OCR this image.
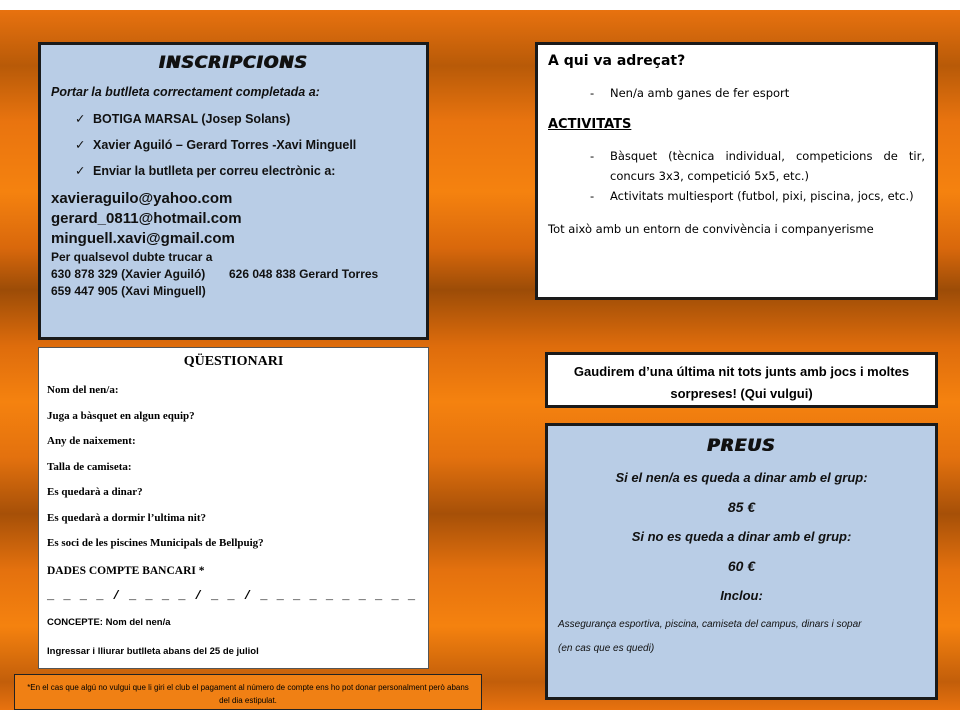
INSCRIPCIONS
Portar la butlleta correctament completada a:
✓ BOTIGA MARSAL (Josep Solans)
✓ Xavier Aguiló – Gerard Torres -Xavi Minguell
✓ Enviar la butlleta per correu electrònic a:
xavieraguilo@yahoo.com
gerard_0811@hotmail.com
minguell.xavi@gmail.com
Per qualsevol dubte trucar a
630 878 329 (Xavier Aguiló) 626 048 838 Gerard Torres
659 447 905 (Xavi Minguell)
QÜESTIONARI
Nom del nen/a:
Juga a bàsquet en algun equip?
Any de naixement:
Talla de camiseta:
Es quedarà a dinar?
Es quedarà a dormir l’ultima nit?
Es soci de les piscines Municipals de Bellpuig?
DADES COMPTE BANCARI *
_ _ _ _ / _ _ _ _ / _ _ / _ _ _ _ _ _ _ _ _ _
CONCEPTE: Nom del nen/a
Ingressar i lliurar butlleta abans del 25 de juliol
*En el cas que algú no vulgui que li giri el club el pagament al número de compte ens ho pot donar personalment però abans del dia estipulat.
A qui va adreçat?
- Nen/a amb ganes de fer esport
ACTIVITATS
- Bàsquet (tècnica individual, competicions de tir, concurs 3x3, competició 5x5, etc.)
- Activitats multiesport (futbol, pixi, piscina, jocs, etc.)
Tot això amb un entorn de convivència i companyerisme
Gaudirem d’una última nit tots junts amb jocs i moltes sorpreses! (Qui vulgui)
PREUS
Si el nen/a es queda a dinar amb el grup:
85 €
Si no es queda a dinar amb el grup:
60 €
Inclou:
Assegurança esportiva, piscina, camiseta del campus, dinars i sopar
(en cas que es quedi)
